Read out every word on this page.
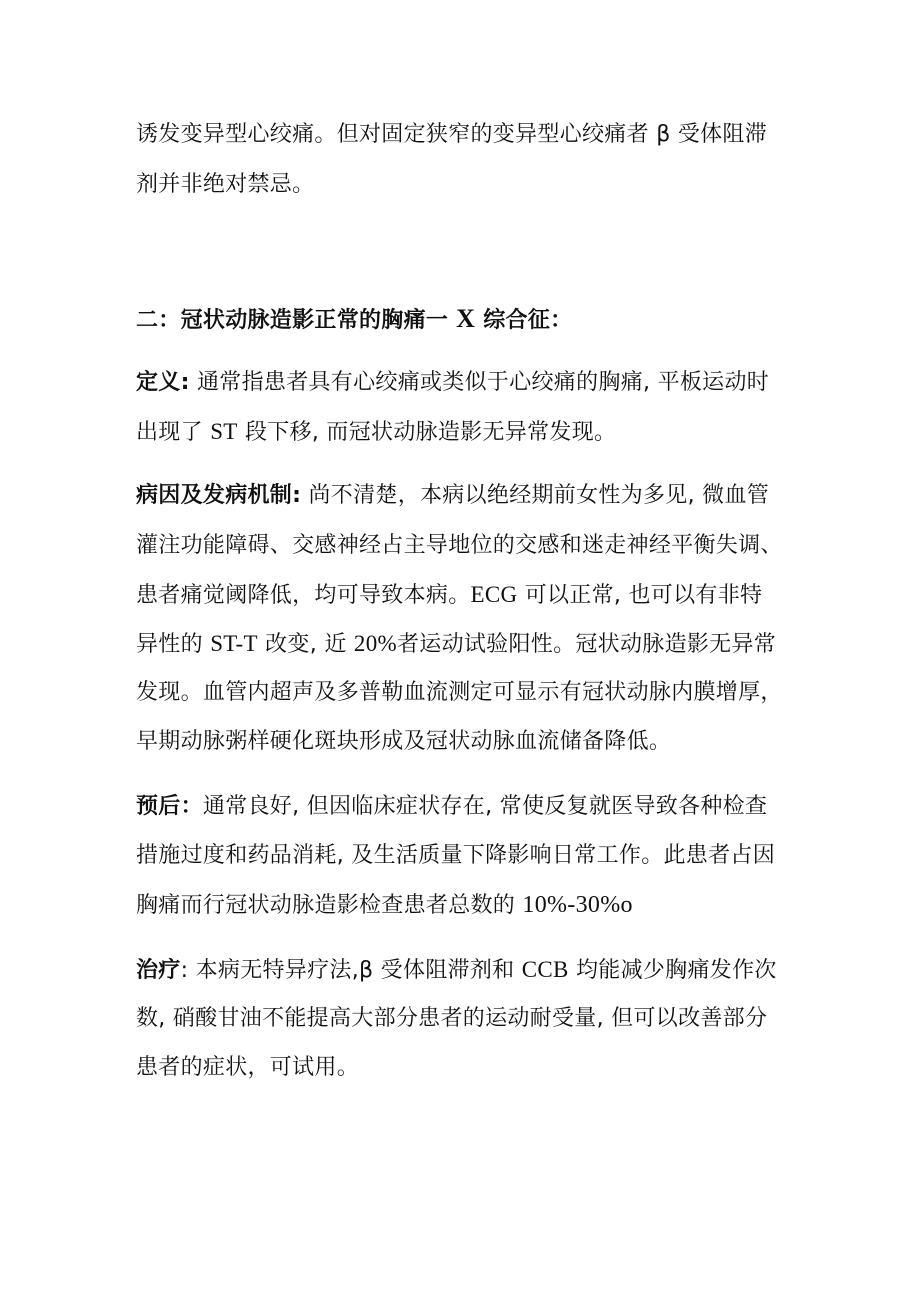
诱发变异型心绞痛。但对固定狭窄的变异型心绞痛者 β 受体阻滞
剂并非绝对禁忌。
二：冠状动脉造影正常的胸痛一 X 综合征：
定义: 通常指患者具有心绞痛或类似于心绞痛的胸痛, 平板运动时
出现了 ST 段下移, 而冠状动脉造影无异常发现。
病因及发病机制: 尚不清楚，本病以绝经期前女性为多见, 微血管
灌注功能障碍、交感神经占主导地位的交感和迷走神经平衡失调、
患者痛觉阈降低，均可导致本病。ECG 可以正常, 也可以有非特
异性的 ST-T 改变, 近 20%者运动试验阳性。冠状动脉造影无异常
发现。血管内超声及多普勒血流测定可显示有冠状动脉内膜增厚，
早期动脉粥样硬化斑块形成及冠状动脉血流储备降低。
预后：通常良好, 但因临床症状存在, 常使反复就医导致各种检查
措施过度和药品消耗, 及生活质量下降影响日常工作。此患者占因
胸痛而行冠状动脉造影检查患者总数的 10%-30%o
治疗: 本病无特异疗法,β 受体阻滞剂和 CCB 均能减少胸痛发作次
数, 硝酸甘油不能提高大部分患者的运动耐受量, 但可以改善部分
患者的症状，可试用。
